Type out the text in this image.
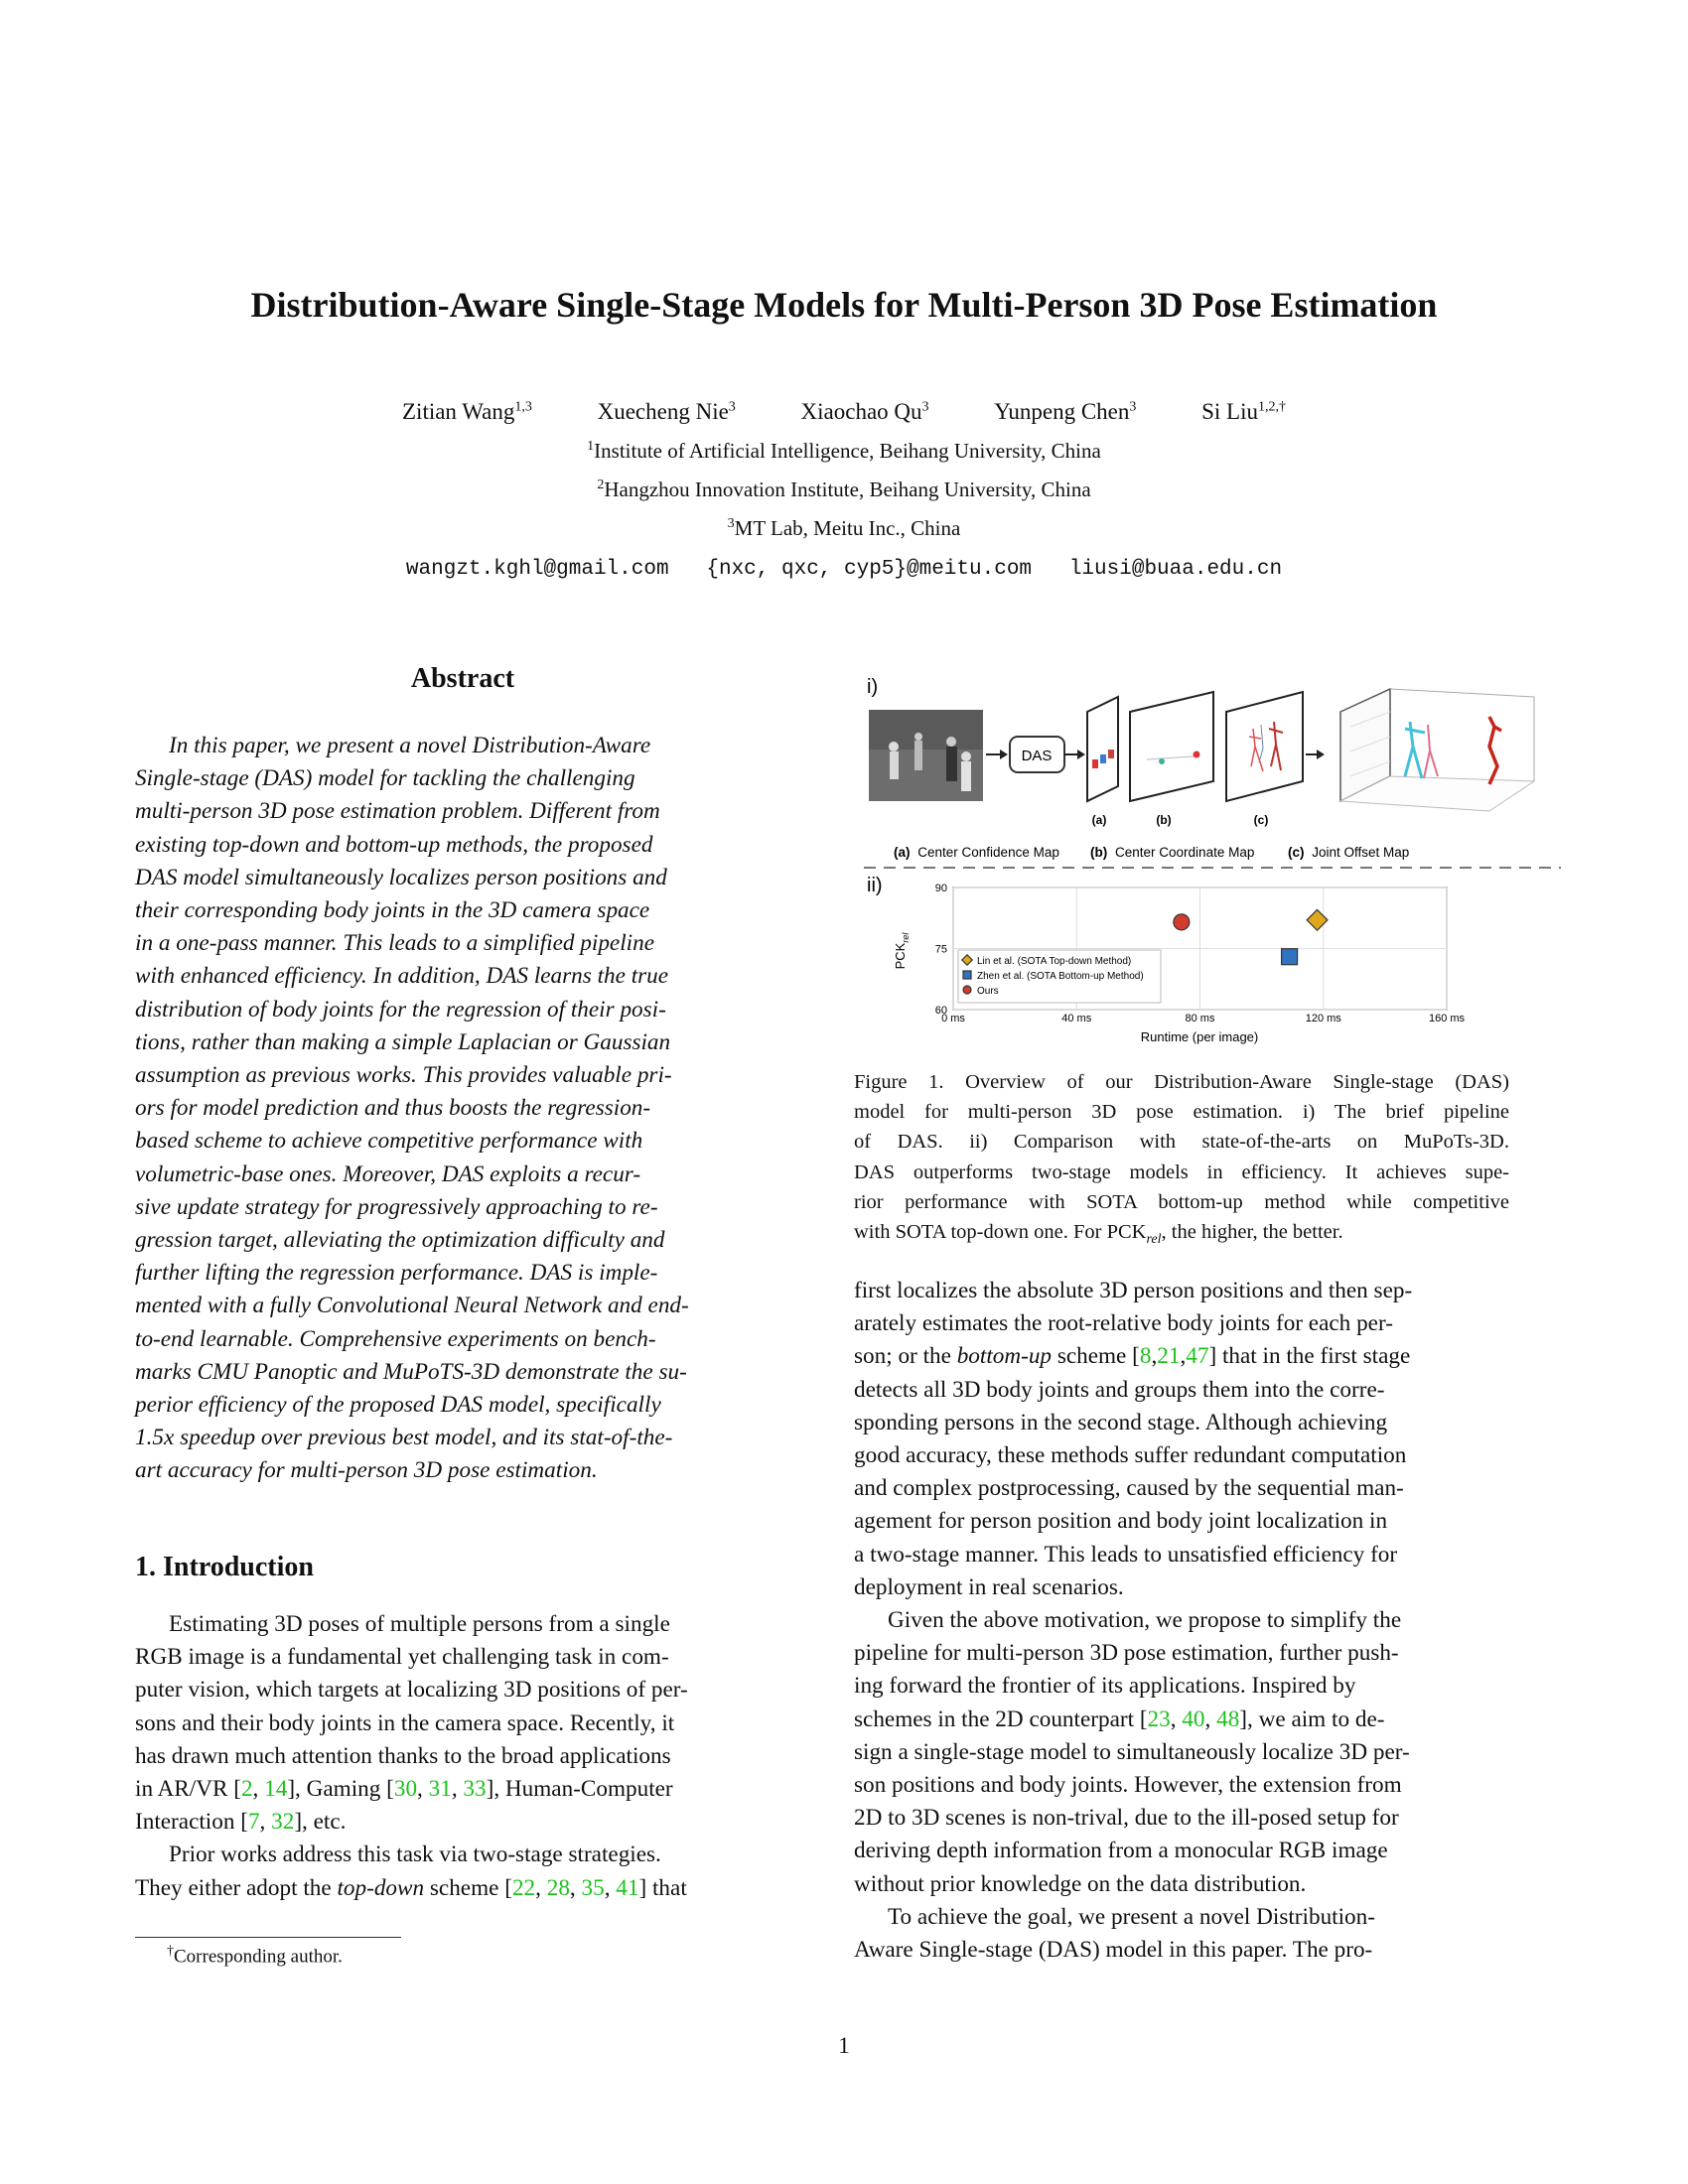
Distribution-Aware Single-Stage Models for Multi-Person 3D Pose Estimation
Zitian Wang$^{1,3}$	Xuecheng Nie$^3$	Xiaochao Qu$^3$	Yunpeng Chen$^3$	Si Liu$^{1,2,\dagger}$
$^1$Institute of Artificial Intelligence, Beihang University, China
$^2$Hangzhou Innovation Institute, Beihang University, China
$^3$MT Lab, Meitu Inc., China
wangzt.kghl@gmail.com   {nxc, qxc, cyp5}@meitu.com   liusi@buaa.edu.cn
Abstract

In this paper, we present a novel Distribution-Aware

Single-stage (DAS) model for tackling the challenging

multi-person 3D pose estimation problem. Different from

existing top-down and bottom-up methods, the proposed

DAS model simultaneously localizes person positions and

their corresponding body joints in the 3D camera space

in a one-pass manner. This leads to a simplified pipeline

with enhanced efficiency. In addition, DAS learns the true

distribution of body joints for the regression of their posi-

tions, rather than making a simple Laplacian or Gaussian

assumption as previous works. This provides valuable pri-

ors for model prediction and thus boosts the regression-

based scheme to achieve competitive performance with

volumetric-base ones. Moreover, DAS exploits a recur-

sive update strategy for progressively approaching to re-

gression target, alleviating the optimization difficulty and

further lifting the regression performance. DAS is imple-

mented with a fully Convolutional Neural Network and end-

to-end learnable. Comprehensive experiments on bench-

marks CMU Panoptic and MuPoTS-3D demonstrate the su-

perior efficiency of the proposed DAS model, specifically

1.5x speedup over previous best model, and its stat-of-the-

art accuracy for multi-person 3D pose estimation.

1. Introduction

Estimating 3D poses of multiple persons from a single

RGB image is a fundamental yet challenging task in com-

puter vision, which targets at localizing 3D positions of per-

sons and their body joints in the camera space. Recently, it

has drawn much attention thanks to the broad applications

in AR/VR [2, 14], Gaming [30, 31, 33], Human-Computer

Interaction [7, 32], etc.

Prior works address this task via two-stage strategies.

They either adopt the top-down scheme [22, 28, 35, 41] that

†Corresponding author.
i)
DAS
(a)	(b)	(c)
(a) Center Confidence Map (b) Center Coordinate Map (c) Joint Offset Map
ii)
0 ms	40 ms	80 ms	120 ms	160 ms
60
75
90
Lin et al. (SOTA Top-down Method)
Zhen et al. (SOTA Bottom-up Method)
Ours
$PCK_{rel}$
Runtime (per image)
Figure 1. Overview of our Distribution-Aware Single-stage (DAS)
model for multi-person 3D pose estimation. i) The brief pipeline
of DAS. ii) Comparison with state-of-the-arts on MuPoTs-3D.
DAS outperforms two-stage models in efficiency. It achieves supe-
rior performance with SOTA bottom-up method while competitive
with SOTA top-down one. For $PCK_{rel}$, the higher, the better.

first localizes the absolute 3D person positions and then sep-

arately estimates the root-relative body joints for each per-

son; or the bottom-up scheme [8,21,47] that in the first stage

detects all 3D body joints and groups them into the corre-

sponding persons in the second stage. Although achieving

good accuracy, these methods suffer redundant computation

and complex postprocessing, caused by the sequential man-

agement for person position and body joint localization in

a two-stage manner. This leads to unsatisfied efficiency for

deployment in real scenarios.

Given the above motivation, we propose to simplify the

pipeline for multi-person 3D pose estimation, further push-

ing forward the frontier of its applications. Inspired by

schemes in the 2D counterpart [23, 40, 48], we aim to de-

sign a single-stage model to simultaneously localize 3D per-

son positions and body joints. However, the extension from

2D to 3D scenes is non-trival, due to the ill-posed setup for

deriving depth information from a monocular RGB image

without prior knowledge on the data distribution.

To achieve the goal, we present a novel Distribution-

Aware Single-stage (DAS) model in this paper. The pro-

1
